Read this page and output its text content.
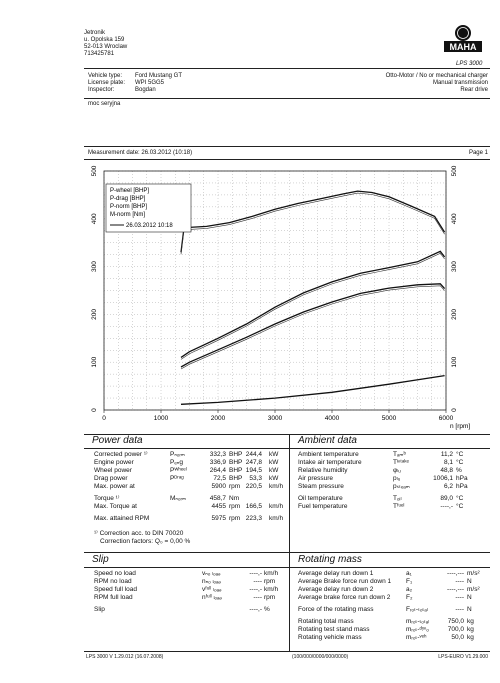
Jetronik
u. Opolska 159
52-013 Wroclaw
713425781
MAHA
LPS 3000
Vehicle type: Ford Mustang GT
License plate: WPI 5GG5
Inspector:	Bogdan
Otto-Motor / No or mechanical charger
Manual transmission
Rear drive
moc seryjna
Measurement date: 26.03.2012 (10:18)	Page 1
0	1000	2000	3000	4000	5000	6000
n [rpm]
0	0
100	100
200	200
300	300
400	400
500	500
P-wheel [BHP]
P-drag [BHP]
P-norm [BHP]
M-norm [Nm]
26.03.2012 10:18
Power data
Corrected power ¹⁾	Pₙₒᵣₘ	332,3 BHP 244,4 kW
Engine power	Pₑₙg	336,9 BHP 247,8 kW
Wheel power	Pᵂʰᵉᵉˡ	264,4 BHP 194,5 kW
Drag power	Pᴰʳᵃᵍ	72,5 BHP 53,3 kW
Max. power at	5900 rpm 220,5 km/h
Torque ¹⁾	Mₙₒᵣₘ	458,7 Nm
Max. Torque at	4455 rpm 166,5 km/h
Max. attained RPM	5975 rpm 223,3 km/h
¹⁾ Correction acc. to DIN 70020
Correction factors: Q₀ = 0,00 %
Ambient data
Ambient temperature	Tₐₘᵇ	11,2 °C
Intake air temperature	Tᴵⁿᵗᵃᵏᵉ	8,1 °C
Relative humidity	φₗᵤ	48,8 %
Air pressure	pₗᵤ	1006,1 hPa
Steam pressure	pₛₜₑₐₘ	6,2 hPa
Oil temperature	Tₒᵢₗ	89,0 °C
Fuel temperature	Tᶠᵘᵉˡ	----,- °C
Slip
Speed no load	vₙₒ ₗₒₐₔ	----,- km/h
RPM no load	nₙₒ ₗₒₐₔ	---- rpm
Speed full load	vᶠᵘˡˡ ₗₒₐₔ	----,- km/h
RPM full load	nᶠᵘˡˡ ₗₒₐₔ	---- rpm
Slip	----,- %
Rotating mass
Average delay run down 1	a₁	----,--- m/s²
Average Brake force run down 1 F₁	---- N
Average delay run down 2	a₂	----,--- m/s²
Average brake force run down 2 F₂	---- N
Force of the rotating mass	Fᵣₒₜ‑ₜₒₜₐₗ	---- N
Rotating total mass	mᵣₒₜ‑ₜₒₜₐₗ	750,0 kg
Rotating test stand mass	mᵣₒₜ‑ᵈʸⁿₒ	700,0 kg
Rotating vehicle mass	mᵣₒₜ‑ᵛᵉʰ	50,0 kg
LPS 3000 V 1.29.012 (16.07.2008)	(100/000/0000/000/0000)	LPS-EURO V1.29.000
